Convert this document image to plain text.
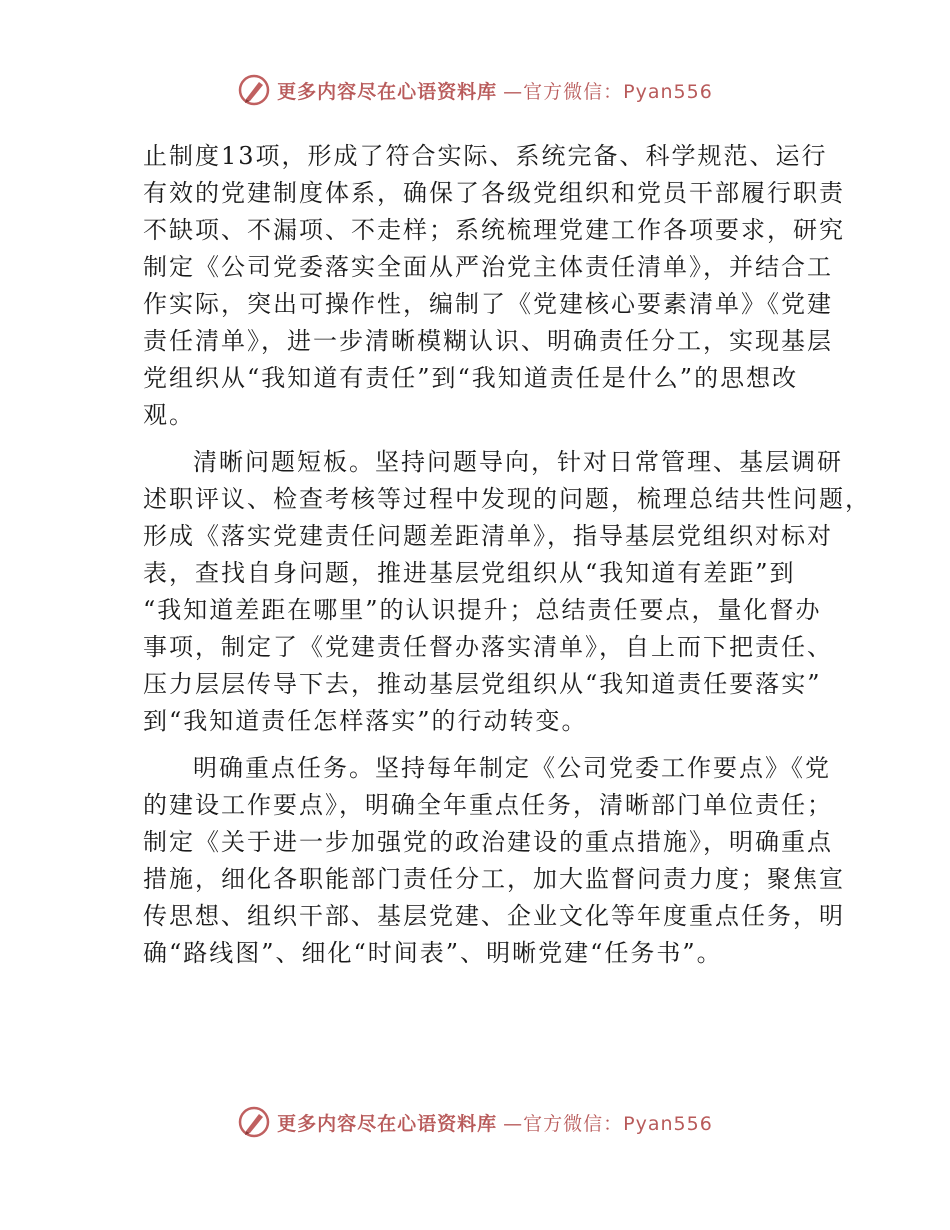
更多内容尽在心语资料库 —官方微信：Pyan556

止制度13项，形成了符合实际、系统完备、科学规范、运行
有效的党建制度体系，确保了各级党组织和党员干部履行职责
不缺项、不漏项、不走样；系统梳理党建工作各项要求，研究
制定《公司党委落实全面从严治党主体责任清单》，并结合工
作实际，突出可操作性，编制了《党建核心要素清单》《党建
责任清单》，进一步清晰模糊认识、明确责任分工，实现基层
党组织从“我知道有责任”到“我知道责任是什么”的思想改
观。

清晰问题短板。坚持问题导向，针对日常管理、基层调研
述职评议、检查考核等过程中发现的问题，梳理总结共性问题，
形成《落实党建责任问题差距清单》，指导基层党组织对标对
表，查找自身问题，推进基层党组织从“我知道有差距”到
“我知道差距在哪里”的认识提升；总结责任要点，量化督办
事项，制定了《党建责任督办落实清单》，自上而下把责任、
压力层层传导下去，推动基层党组织从“我知道责任要落实”
到“我知道责任怎样落实”的行动转变。

明确重点任务。坚持每年制定《公司党委工作要点》《党
的建设工作要点》，明确全年重点任务，清晰部门单位责任；
制定《关于进一步加强党的政治建设的重点措施》，明确重点
措施，细化各职能部门责任分工，加大监督问责力度；聚焦宣
传思想、组织干部、基层党建、企业文化等年度重点任务，明
确“路线图”、细化“时间表”、明晰党建“任务书”。

更多内容尽在心语资料库 —官方微信：Pyan556
